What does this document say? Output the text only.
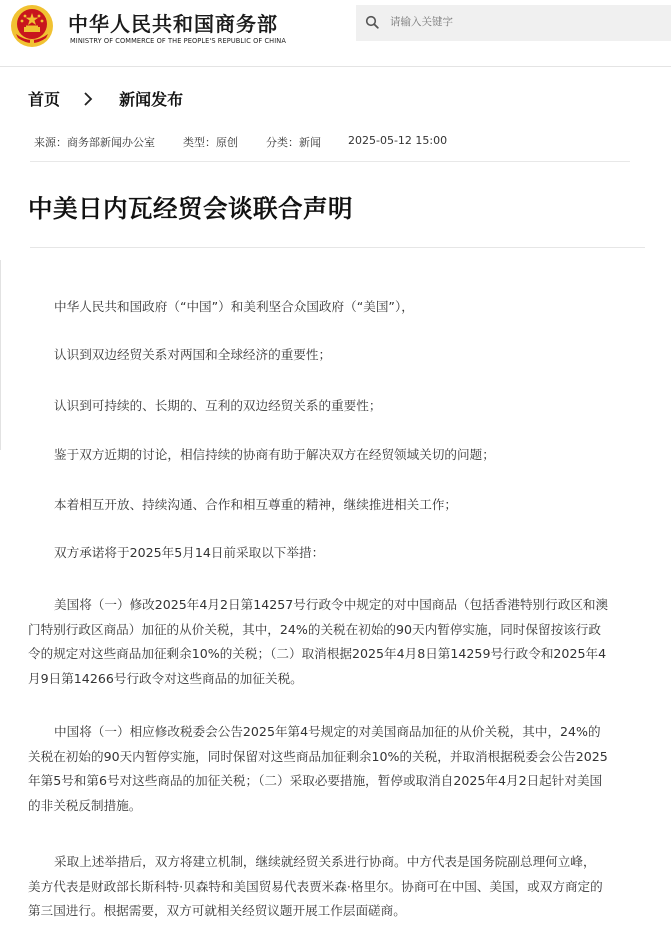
中华人民共和国商务部
MINISTRY OF COMMERCE OF THE PEOPLE'S REPUBLIC OF CHINA
请输入关键字
首页	新闻发布
来源：商务部新闻办公室	类型：原创	分类：新闻 2025-05-12 15:00
中美日内瓦经贸会谈联合声明
中华人民共和国政府（“中国”）和美利坚合众国政府（“美国”），
认识到双边经贸关系对两国和全球经济的重要性；
认识到可持续的、长期的、互利的双边经贸关系的重要性；
鉴于双方近期的讨论，相信持续的协商有助于解决双方在经贸领域关切的问题；
本着相互开放、持续沟通、合作和相互尊重的精神，继续推进相关工作；
双方承诺将于2025年5月14日前采取以下举措：
美国将（一）修改2025年4月2日第14257号行政令中规定的对中国商品（包括香港特别行政区和澳
门特别行政区商品）加征的从价关税，其中，24%的关税在初始的90天内暂停实施，同时保留按该行政
令的规定对这些商品加征剩余10%的关税；（二）取消根据2025年4月8日第14259号行政令和2025年4
月9日第14266号行政令对这些商品的加征关税。
中国将（一）相应修改税委会公告2025年第4号规定的对美国商品加征的从价关税，其中，24%的
关税在初始的90天内暂停实施，同时保留对这些商品加征剩余10%的关税，并取消根据税委会公告2025
年第5号和第6号对这些商品的加征关税；（二）采取必要措施，暂停或取消自2025年4月2日起针对美国
的非关税反制措施。
采取上述举措后，双方将建立机制，继续就经贸关系进行协商。中方代表是国务院副总理何立峰，
美方代表是财政部长斯科特·贝森特和美国贸易代表贾米森·格里尔。协商可在中国、美国，或双方商定的
第三国进行。根据需要，双方可就相关经贸议题开展工作层面磋商。
